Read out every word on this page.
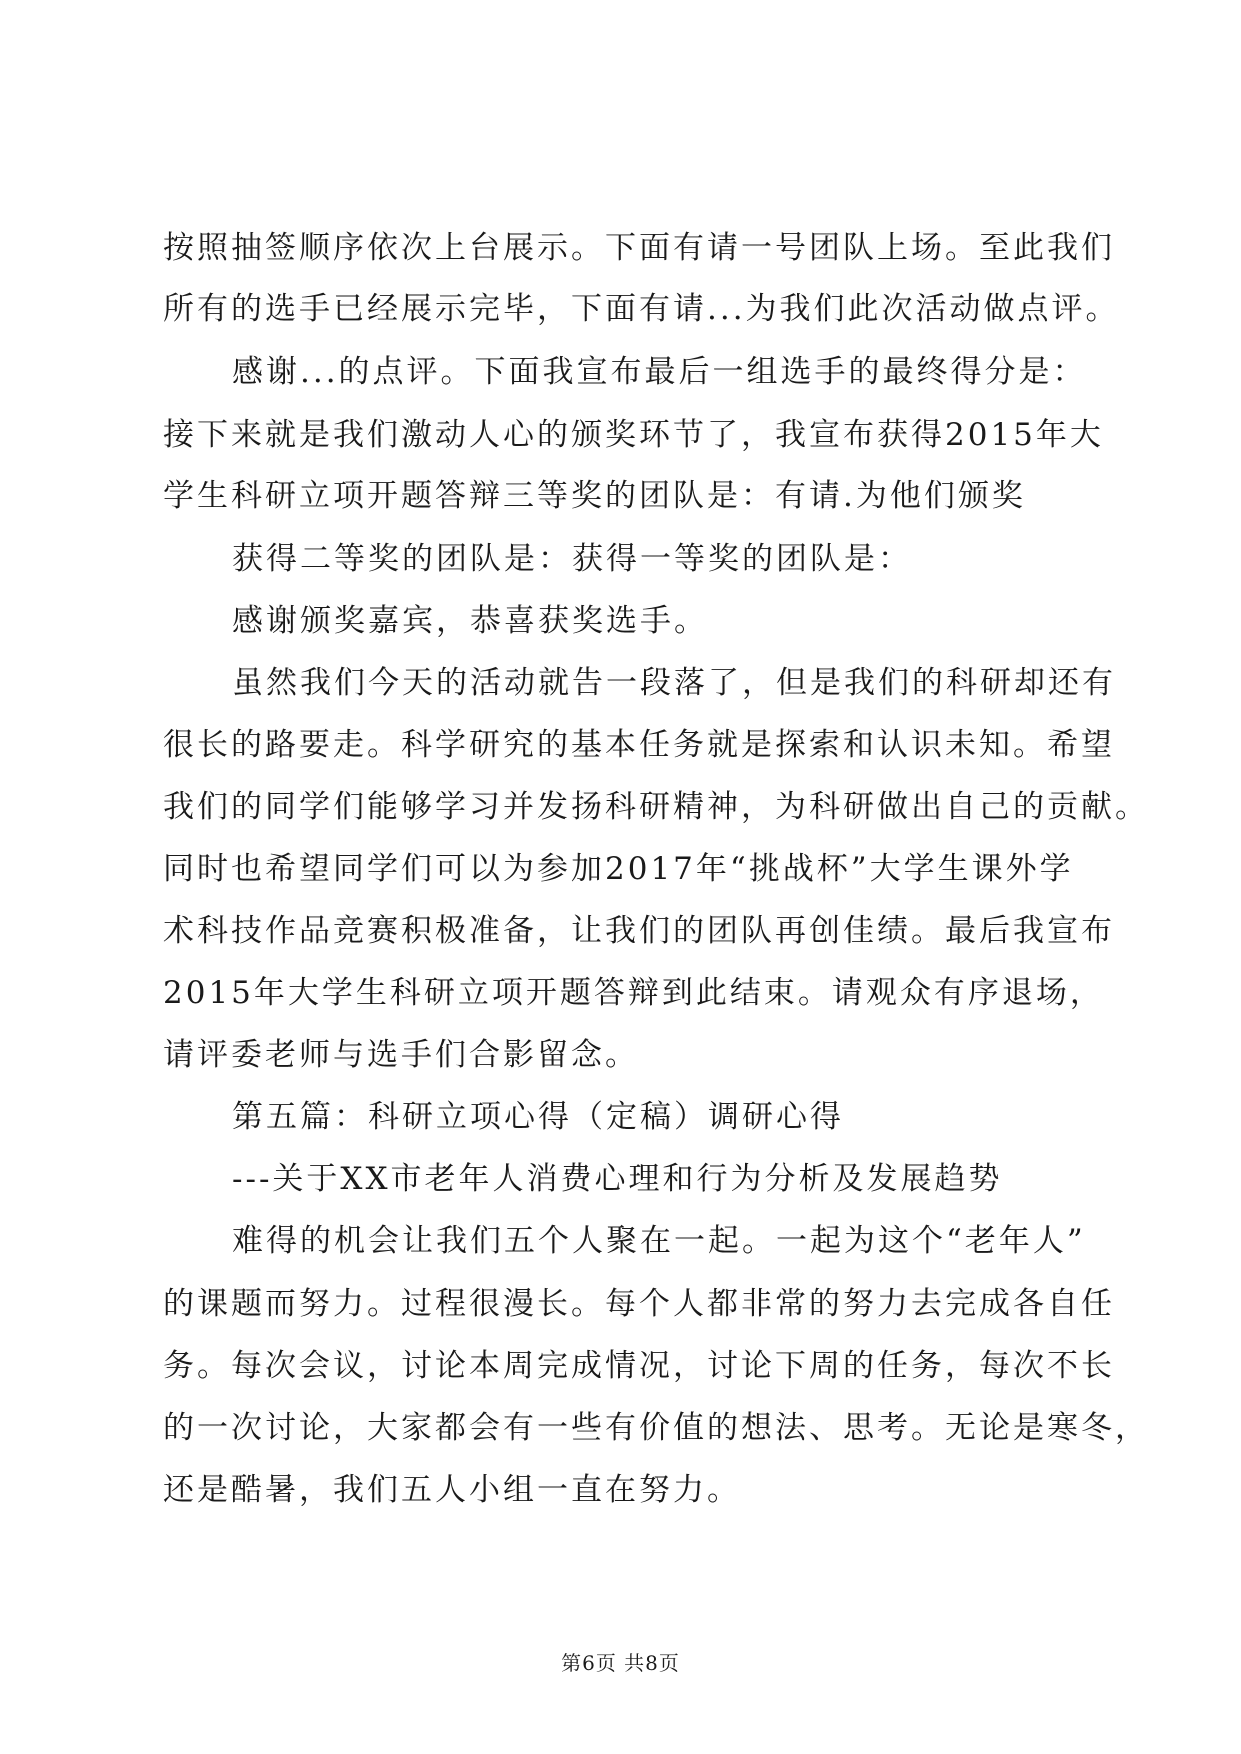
按照抽签顺序依次上台展示。下面有请一号团队上场。至此我们

所有的选手已经展示完毕，下面有请...为我们此次活动做点评。

感谢...的点评。下面我宣布最后一组选手的最终得分是：

接下来就是我们激动人心的颁奖环节了，我宣布获得2015年大

学生科研立项开题答辩三等奖的团队是：有请.为他们颁奖

获得二等奖的团队是：获得一等奖的团队是：

感谢颁奖嘉宾，恭喜获奖选手。

虽然我们今天的活动就告一段落了，但是我们的科研却还有

很长的路要走。科学研究的基本任务就是探索和认识未知。希望

我们的同学们能够学习并发扬科研精神，为科研做出自己的贡献。

同时也希望同学们可以为参加2017年“挑战杯”大学生课外学

术科技作品竞赛积极准备，让我们的团队再创佳绩。最后我宣布

2015年大学生科研立项开题答辩到此结束。请观众有序退场，

请评委老师与选手们合影留念。

第五篇：科研立项心得（定稿）调研心得

---关于XX市老年人消费心理和行为分析及发展趋势

难得的机会让我们五个人聚在一起。一起为这个“老年人”

的课题而努力。过程很漫长。每个人都非常的努力去完成各自任

务。每次会议，讨论本周完成情况，讨论下周的任务，每次不长

的一次讨论，大家都会有一些有价值的想法、思考。无论是寒冬，

还是酷暑，我们五人小组一直在努力。

第6页 共8页
